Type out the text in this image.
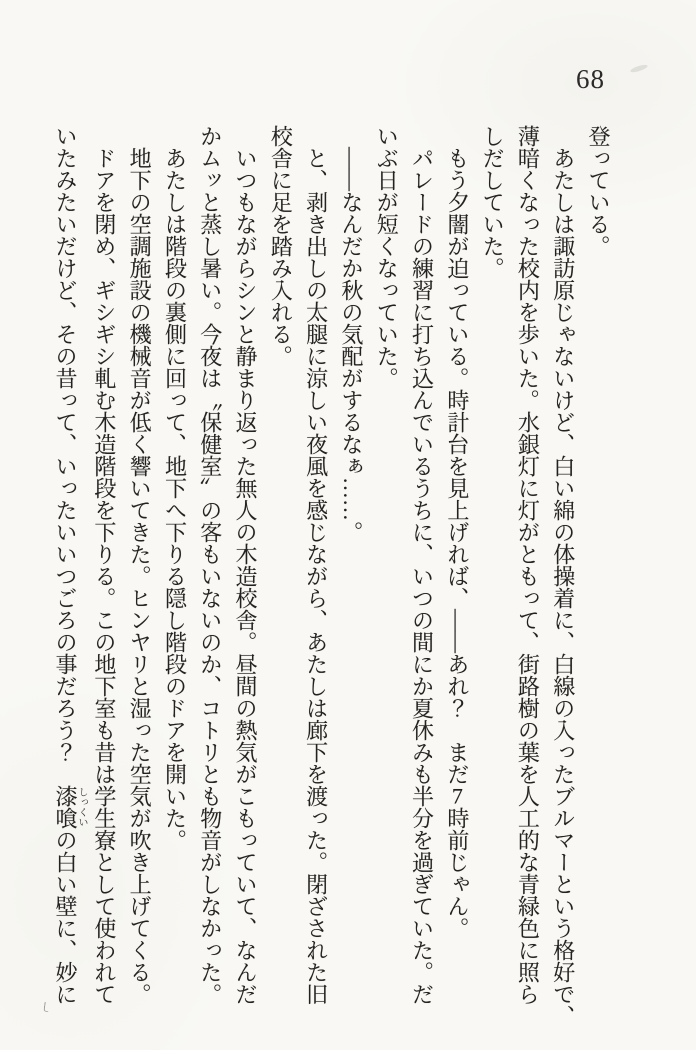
68

登っている。

あたしは諏訪原じゃないけど、白い綿の体操着に、白線の入ったブルマーという格好で、

薄暗くなった校内を歩いた。水銀灯に灯がともって、街路樹の葉を人工的な青緑色に照ら

しだしていた。

もう夕闇が迫っている。時計台を見上げれば、――あれ？　まだ7時前じゃん。

パレードの練習に打ち込んでいるうちに、いつの間にか夏休みも半分を過ぎていた。だ

いぶ日が短くなっていた。

――なんだか秋の気配がするなぁ……。

と、剥き出しの太腿に涼しい夜風を感じながら、あたしは廊下を渡った。閉ざされた旧

校舎に足を踏み入れる。

いつもながらシンと静まり返った無人の木造校舎。昼間の熱気がこもっていて、なんだ

かムッと蒸し暑い。今夜は〝保健室〟の客もいないのか、コトリとも物音がしなかった。

あたしは階段の裏側に回って、地下へ下りる隠し階段のドアを開いた。

地下の空調施設の機械音が低く響いてきた。ヒンヤリと湿った空気が吹き上げてくる。

ドアを閉め、ギシギシ軋む木造階段を下りる。この地下室も昔は学生寮として使われて

いたみたいだけど、その昔って、いったいいつごろの事だろう？　漆喰しっくいの白い壁に、妙に
